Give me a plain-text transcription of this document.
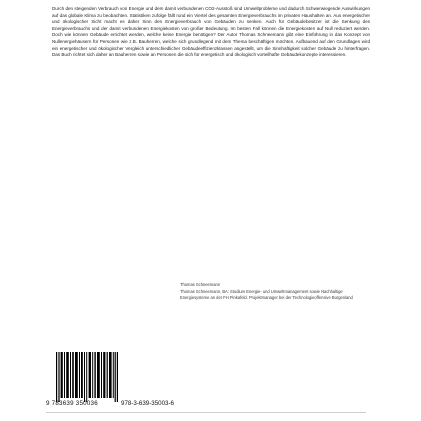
Durch den steigenden Verbrauch von Energie und dem damit verbundenen CO2-Ausstoß sind Umweltprobleme und dadurch Schwerwiegende Auswirkungen auf das globale Klima zu beobachten. Statistiken zufolge fällt rund ein Viertel des gesamten Energieverbrauchs im privaten Haushalten an. Aus energetischer und ökologischer Sicht macht es daher Sinn den Energieverbrauch von Gebäuden zu senken. Auch für Gebäudebesitzer ist die Senkung des Energieverbrauchs und der damit verbundenen Energiekosten von großer Bedeutung. Im besten Fall können die Energiekosten auf Null reduziert werden. Doch wie können Gebäude errichtet werden, welche keine Energie benötigen? Der Autor Thomas Schneemann gibt eine Einführung in das Konzept von Nullenergiehäusern für Personen wie z.B. Bauherren, welche sich grundlegend mit dem Thema beschäftigen möchten. Aufbauend auf den Grundlagen wird ein energetischer und ökologischer Vergleich unterschiedlicher Gebäudeeffizienzklassen angestellt, um die Sinnhaftigkeit solcher Gebäude zu hinterfragen. Das Buch richtet sich daher an Bauherren sowie an Personen die sich für energetisch und ökologisch vorteilhafte Gebäudekonzepte interessieren.

Thomas Schneemann
Thomas Schneemann, BA: Studium Energie- und Umweltmanagement sowie Nachhaltige Energiesysteme an der FH Pinkafeld. Projektmanager bei der Technologieoffensive Burgenland
9 783639 350036	978-3-639-35003-6
